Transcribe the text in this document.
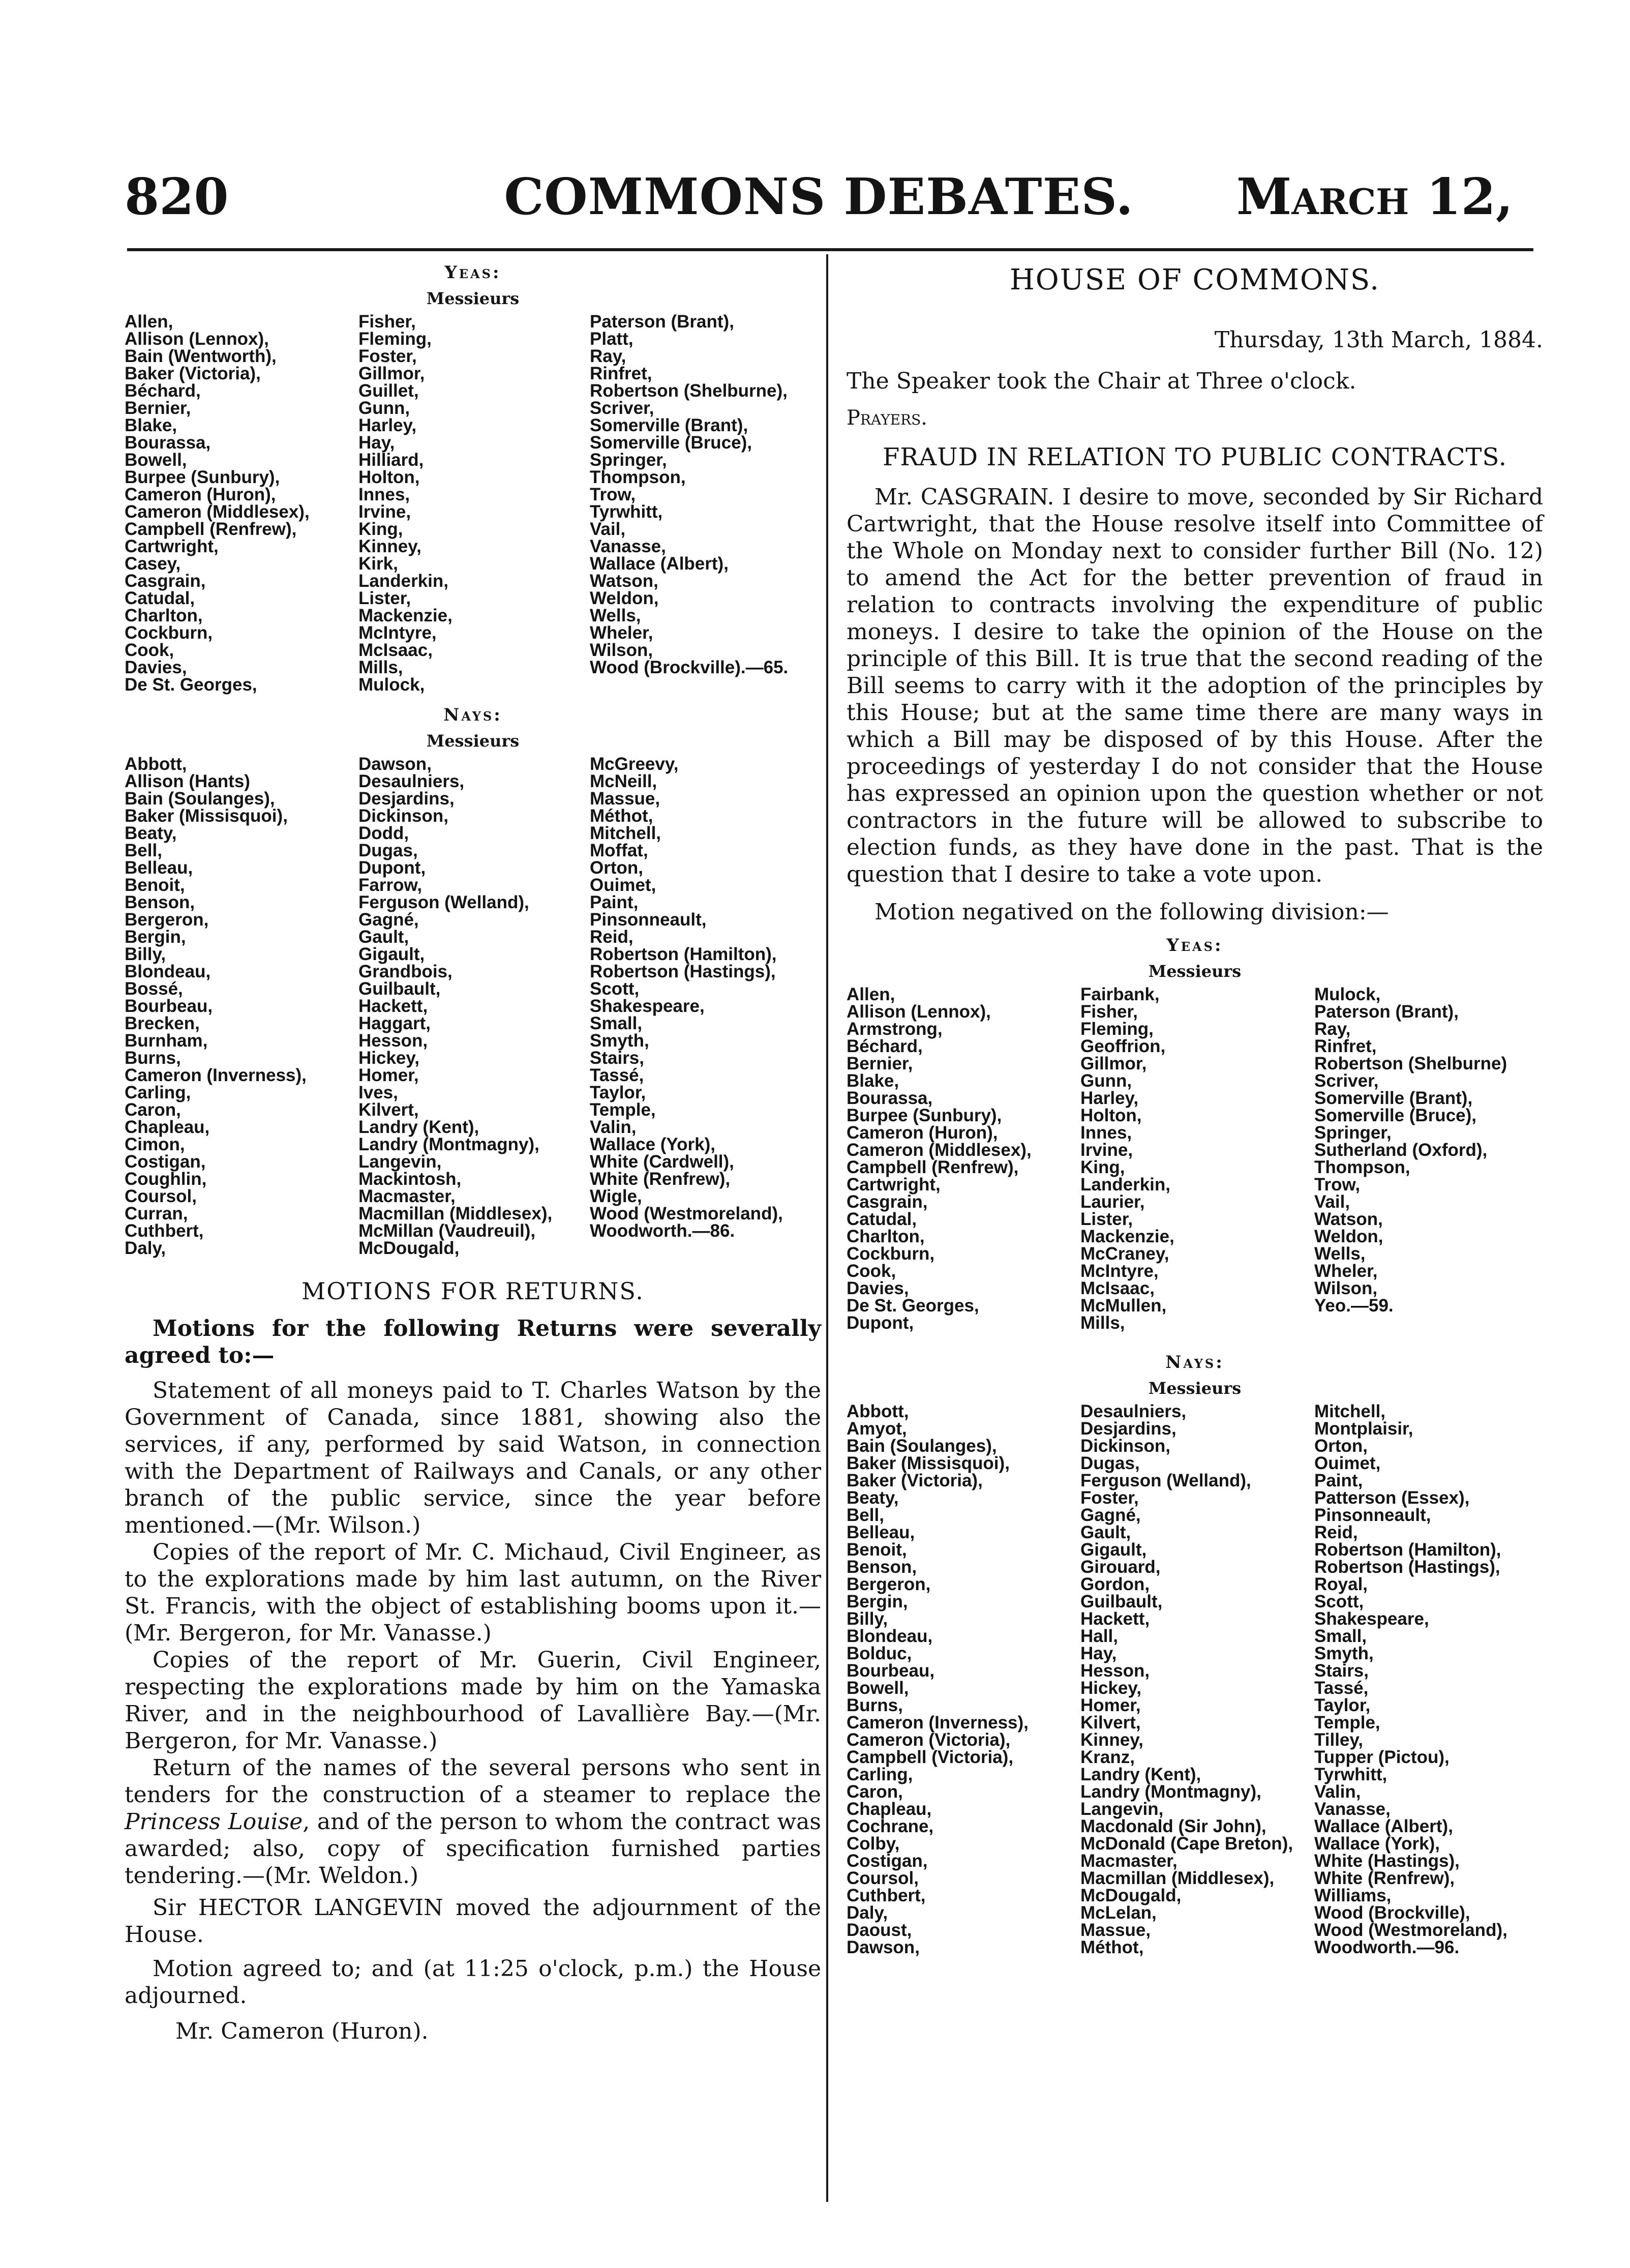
820	COMMONS DEBATES.	March 12,
Yeas:
Messieurs
Allen,
Allison (Lennox),
Bain (Wentworth),
Baker (Victoria),
Béchard,
Bernier,
Blake,
Bourassa,
Bowell,
Burpee (Sunbury),
Cameron (Huron),
Cameron (Middlesex),
Campbell (Renfrew),
Cartwright,
Casey,
Casgrain,
Catudal,
Charlton,
Cockburn,
Cook,
Davies,
De St. Georges,
Fisher,
Fleming,
Foster,
Gillmor,
Guillet,
Gunn,
Harley,
Hay,
Hilliard,
Holton,
Innes,
Irvine,
King,
Kinney,
Kirk,
Landerkin,
Lister,
Mackenzie,
McIntyre,
McIsaac,
Mills,
Mulock,
Paterson (Brant),
Platt,
Ray,
Rinfret,
Robertson (Shelburne),
Scriver,
Somerville (Brant),
Somerville (Bruce),
Springer,
Thompson,
Trow,
Tyrwhitt,
Vail,
Vanasse,
Wallace (Albert),
Watson,
Weldon,
Wells,
Wheler,
Wilson,
Wood (Brockville).—65.
Nays:
Messieurs
Abbott,
Allison (Hants)
Bain (Soulanges),
Baker (Missisquoi),
Beaty,
Bell,
Belleau,
Benoit,
Benson,
Bergeron,
Bergin,
Billy,
Blondeau,
Bossé,
Bourbeau,
Brecken,
Burnham,
Burns,
Cameron (Inverness),
Carling,
Caron,
Chapleau,
Cimon,
Costigan,
Coughlin,
Coursol,
Curran,
Cuthbert,
Daly,
Dawson,
Desaulniers,
Desjardins,
Dickinson,
Dodd,
Dugas,
Dupont,
Farrow,
Ferguson (Welland),
Gagné,
Gault,
Gigault,
Grandbois,
Guilbault,
Hackett,
Haggart,
Hesson,
Hickey,
Homer,
Ives,
Kilvert,
Landry (Kent),
Landry (Montmagny),
Langevin,
Mackintosh,
Macmaster,
Macmillan (Middlesex),
McMillan (Vaudreuil),
McDougald,
McGreevy,
McNeill,
Massue,
Méthot,
Mitchell,
Moffat,
Orton,
Ouimet,
Paint,
Pinsonneault,
Reid,
Robertson (Hamilton),
Robertson (Hastings),
Scott,
Shakespeare,
Small,
Smyth,
Stairs,
Tassé,
Taylor,
Temple,
Valin,
Wallace (York),
White (Cardwell),
White (Renfrew),
Wigle,
Wood (Westmoreland),
Woodworth.—86.
MOTIONS FOR RETURNS.

Motions for the following Returns were severally agreed to:—

Statement of all moneys paid to T. Charles Watson by the Government of Canada, since 1881, showing also the services, if any, performed by said Watson, in connection with the Department of Railways and Canals, or any other branch of the public service, since the year before mentioned.—(Mr. Wilson.)

Copies of the report of Mr. C. Michaud, Civil Engineer, as to the explorations made by him last autumn, on the River St. Francis, with the object of establishing booms upon it.—(Mr. Bergeron, for Mr. Vanasse.)

Copies of the report of Mr. Guerin, Civil Engineer, respecting the explorations made by him on the Yamaska River, and in the neighbourhood of Lavallière Bay.—(Mr. Bergeron, for Mr. Vanasse.)

Return of the names of the several persons who sent in tenders for the construction of a steamer to replace the Princess Louise, and of the person to whom the contract was awarded; also, copy of specification furnished parties tendering.—(Mr. Weldon.)

Sir HECTOR LANGEVIN moved the adjournment of the House.

Motion agreed to; and (at 11:25 o'clock, p.m.) the House adjourned.

Mr. Cameron (Huron).
HOUSE OF COMMONS.
Thursday, 13th March, 1884.
The Speaker took the Chair at Three o'clock.
Prayers.
FRAUD IN RELATION TO PUBLIC CONTRACTS.

Mr. CASGRAIN. I desire to move, seconded by Sir Richard Cartwright, that the House resolve itself into Committee of the Whole on Monday next to consider further Bill (No. 12) to amend the Act for the better prevention of fraud in relation to contracts involving the expenditure of public moneys. I desire to take the opinion of the House on the principle of this Bill. It is true that the second reading of the Bill seems to carry with it the adoption of the principles by this House; but at the same time there are many ways in which a Bill may be disposed of by this House. After the proceedings of yesterday I do not consider that the House has expressed an opinion upon the question whether or not contractors in the future will be allowed to subscribe to election funds, as they have done in the past. That is the question that I desire to take a vote upon.

Motion negatived on the following division:—
Yeas:
Messieurs
Allen,
Allison (Lennox),
Armstrong,
Béchard,
Bernier,
Blake,
Bourassa,
Burpee (Sunbury),
Cameron (Huron),
Cameron (Middlesex),
Campbell (Renfrew),
Cartwright,
Casgrain,
Catudal,
Charlton,
Cockburn,
Cook,
Davies,
De St. Georges,
Dupont,
Fairbank,
Fisher,
Fleming,
Geoffrion,
Gillmor,
Gunn,
Harley,
Holton,
Innes,
Irvine,
King,
Landerkin,
Laurier,
Lister,
Mackenzie,
McCraney,
McIntyre,
McIsaac,
McMullen,
Mills,
Mulock,
Paterson (Brant),
Ray,
Rinfret,
Robertson (Shelburne)
Scriver,
Somerville (Brant),
Somerville (Bruce),
Springer,
Sutherland (Oxford),
Thompson,
Trow,
Vail,
Watson,
Weldon,
Wells,
Wheler,
Wilson,
Yeo.—59.
Nays:
Messieurs
Abbott,
Amyot,
Bain (Soulanges),
Baker (Missisquoi),
Baker (Victoria),
Beaty,
Bell,
Belleau,
Benoit,
Benson,
Bergeron,
Bergin,
Billy,
Blondeau,
Bolduc,
Bourbeau,
Bowell,
Burns,
Cameron (Inverness),
Cameron (Victoria),
Campbell (Victoria),
Carling,
Caron,
Chapleau,
Cochrane,
Colby,
Costigan,
Coursol,
Cuthbert,
Daly,
Daoust,
Dawson,
Desaulniers,
Desjardins,
Dickinson,
Dugas,
Ferguson (Welland),
Foster,
Gagné,
Gault,
Gigault,
Girouard,
Gordon,
Guilbault,
Hackett,
Hall,
Hay,
Hesson,
Hickey,
Homer,
Kilvert,
Kinney,
Kranz,
Landry (Kent),
Landry (Montmagny),
Langevin,
Macdonald (Sir John),
McDonald (Cape Breton),
Macmaster,
Macmillan (Middlesex),
McDougald,
McLelan,
Massue,
Méthot,
Mitchell,
Montplaisir,
Orton,
Ouimet,
Paint,
Patterson (Essex),
Pinsonneault,
Reid,
Robertson (Hamilton),
Robertson (Hastings),
Royal,
Scott,
Shakespeare,
Small,
Smyth,
Stairs,
Tassé,
Taylor,
Temple,
Tilley,
Tupper (Pictou),
Tyrwhitt,
Valin,
Vanasse,
Wallace (Albert),
Wallace (York),
White (Hastings),
White (Renfrew),
Williams,
Wood (Brockville),
Wood (Westmoreland),
Woodworth.—96.
